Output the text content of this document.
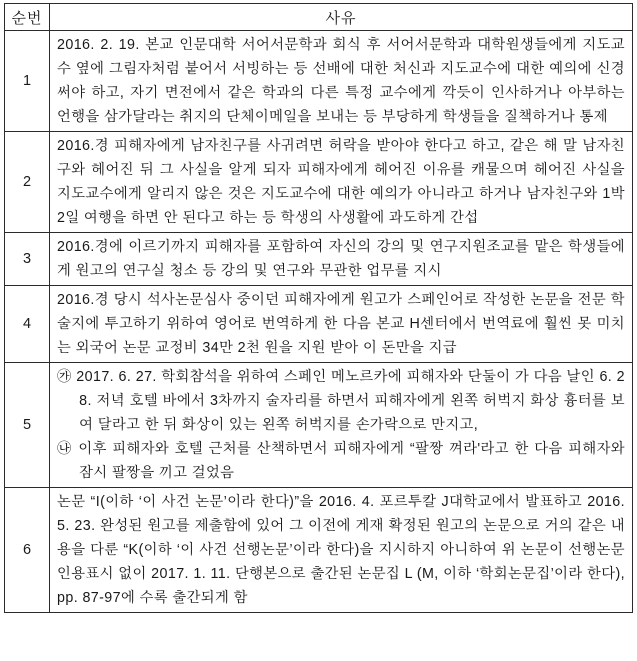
순번	사유
1	2016. 2. 19. 본교 인문대학 서어서문학과 회식 후 서어서문학과 대학원생들에게 지도교수 옆에 그림자처럼 붙어서 서빙하는 등 선배에 대한 처신과 지도교수에 대한 예의에 신경 써야 하고, 자기 면전에서 같은 학과의 다른 특정 교수에게 깍듯이 인사하거나 아부하는 언행을 삼가달라는 취지의 단체이메일을 보내는 등 부당하게 학생들을 질책하거나 통제

2	2016.경 피해자에게 남자친구를 사귀려면 허락을 받아야 한다고 하고, 같은 해 말 남자친구와 헤어진 뒤 그 사실을 알게 되자 피해자에게 헤어진 이유를 캐물으며 헤어진 사실을 지도교수에게 알리지 않은 것은 지도교수에 대한 예의가 아니라고 하거나 남자친구와 1박2일 여행을 하면 안 된다고 하는 등 학생의 사생활에 과도하게 간섭

3	2016.경에 이르기까지 피해자를 포함하여 자신의 강의 및 연구지원조교를 맡은 학생들에게 원고의 연구실 청소 등 강의 및 연구와 무관한 업무를 지시

4	2016.경 당시 석사논문심사 중이던 피해자에게 원고가 스페인어로 작성한 논문을 전문 학술지에 투고하기 위하여 영어로 번역하게 한 다음 본교 H센터에서 번역료에 훨씬 못 미치는 외국어 논문 교정비 34만 2천 원을 지원 받아 이 돈만을 지급

5	㉮ 2017. 6. 27. 학회참석을 위하여 스페인 메노르카에 피해자와 단둘이 가 다음 날인 6. 28. 저녁 호텔 바에서 3차까지 술자리를 하면서 피해자에게 왼쪽 허벅지 화상 흉터를 보여 달라고 한 뒤 화상이 있는 왼쪽 허벅지를 손가락으로 만지고,

㉯ 이후 피해자와 호텔 근처를 산책하면서 피해자에게 “팔짱 껴라'라고 한 다음 피해자와 잠시 팔짱을 끼고 걸었음

6	논문 “I(이하 ‘이 사건 논문’이라 한다)”을 2016. 4. 포르투칼 J대학교에서 발표하고 2016. 5. 23. 완성된 원고를 제출함에 있어 그 이전에 게재 확정된 원고의 논문으로 거의 같은 내용을 다룬 “K(이하 ‘이 사건 선행논문’이라 한다)을 지시하지 아니하여 위 논문이 선행논문 인용표시 없이 2017. 1. 11. 단행본으로 출간된 논문집 L (M, 이하 ‘학회논문집’이라 한다), pp. 87-97에 수록 출간되게 함
